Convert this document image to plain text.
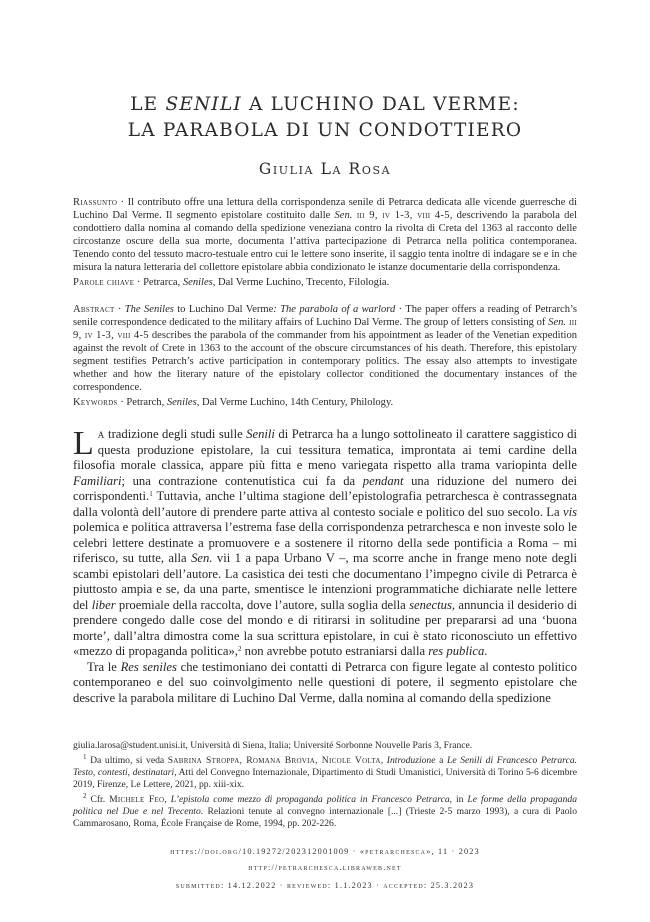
LE SENILI A LUCHINO DAL VERME:
LA PARABOLA DI UN CONDOTTIERO
Giulia La Rosa

Riassunto · Il contributo offre una lettura della corrispondenza senile di Petrarca dedicata alle vicende guerresche di Luchino Dal Verme. Il segmento epistolare costituito dalle Sen. iii 9, iv 1-3, viii 4-5, descrivendo la parabola del condottiero dalla nomina al comando della spedizione veneziana contro la rivolta di Creta del 1363 al racconto delle circostanze oscure della sua morte, documenta l’attiva partecipazione di Petrarca nella politica contemporanea. Tenendo conto del tessuto macro-testuale entro cui le lettere sono inserite, il saggio tenta inoltre di indagare se e in che misura la natura letteraria del collettore epistolare abbia condizionato le istanze documentarie della corrispondenza.

Parole chiave · Petrarca, Seniles, Dal Verme Luchino, Trecento, Filologia.

Abstract · The Seniles to Luchino Dal Verme: The parabola of a warlord · The paper offers a reading of Petrarch’s senile correspondence dedicated to the military affairs of Luchino Dal Verme. The group of letters consisting of Sen. iii 9, iv 1-3, viii 4-5 describes the parabola of the commander from his appointment as leader of the Venetian expedition against the revolt of Crete in 1363 to the account of the obscure circumstances of his death. Therefore, this epistolary segment testifies Petrarch’s active participation in contemporary politics. The essay also attempts to investigate whether and how the literary nature of the epistolary collector conditioned the documentary instances of the correspondence.

Keywords · Petrarch, Seniles, Dal Verme Luchino, 14th Century, Philology.

La tradizione degli studi sulle Senili di Petrarca ha a lungo sottolineato il carattere saggistico di questa produzione epistolare, la cui tessitura tematica, improntata ai temi cardine della filosofia morale classica, appare più fitta e meno variegata rispetto alla trama variopinta delle Familiari; una contrazione contenutistica cui fa da pendant una riduzione del numero dei corrispondenti.$^1$ Tuttavia, anche l’ultima stagione dell’epistolografia petrarchesca è contrassegnata dalla volontà dell’autore di prendere parte attiva al contesto sociale e politico del suo secolo. La vis polemica e politica attraversa l’estrema fase della corrispondenza petrarchesca e non investe solo le celebri lettere destinate a promuovere e a sostenere il ritorno della sede pontificia a Roma – mi riferisco, su tutte, alla Sen. vii 1 a papa Urbano V –, ma scorre anche in frange meno note degli scambi epistolari dell’autore. La casistica dei testi che documentano l’impegno civile di Petrarca è piuttosto ampia e se, da una parte, smentisce le intenzioni programmatiche dichiarate nelle lettere del liber proemiale della raccolta, dove l’autore, sulla soglia della senectus, annuncia il desiderio di prendere congedo dalle cose del mondo e di ritirarsi in solitudine per prepararsi ad una ‘buona morte’, dall’altra dimostra come la sua scrittura epistolare, in cui è stato riconosciuto un effettivo «mezzo di propaganda politica»,$^2$ non avrebbe potuto estraniarsi dalla res publica.

Tra le Res seniles che testimoniano dei contatti di Petrarca con figure legate al contesto politico contemporaneo e del suo coinvolgimento nelle questioni di potere, il segmento epistolare che descrive la parabola militare di Luchino Dal Verme, dalla nomina al comando della spedizione

giulia.larosa@student.unisi.it, Università di Siena, Italia; Université Sorbonne Nouvelle Paris 3, France.

$^1$ Da ultimo, si veda Sabrina Stroppa, Romana Brovia, Nicole Volta, Introduzione a Le Senili di Francesco Petrarca. Testo, contesti, destinatari, Atti del Convegno Internazionale, Dipartimento di Studi Umanistici, Università di Torino 5-6 dicembre 2019, Firenze, Le Lettere, 2021, pp. xiii-xix.

$^2$ Cfr. Michele Feo, L’epistola come mezzo di propaganda politica in Francesco Petrarca, in Le forme della propaganda politica nel Due e nel Trecento. Relazioni tenute al convegno internazionale [...] (Trieste 2-5 marzo 1993), a cura di Paolo Cammarosano, Roma, École Française de Rome, 1994, pp. 202-226.

https://doi.org/10.19272/202312001009 · «petrarchesca», 11 · 2023
http://petrarchesca.libraweb.net
submitted: 14.12.2022 · reviewed: 1.1.2023 · accepted: 25.3.2023
